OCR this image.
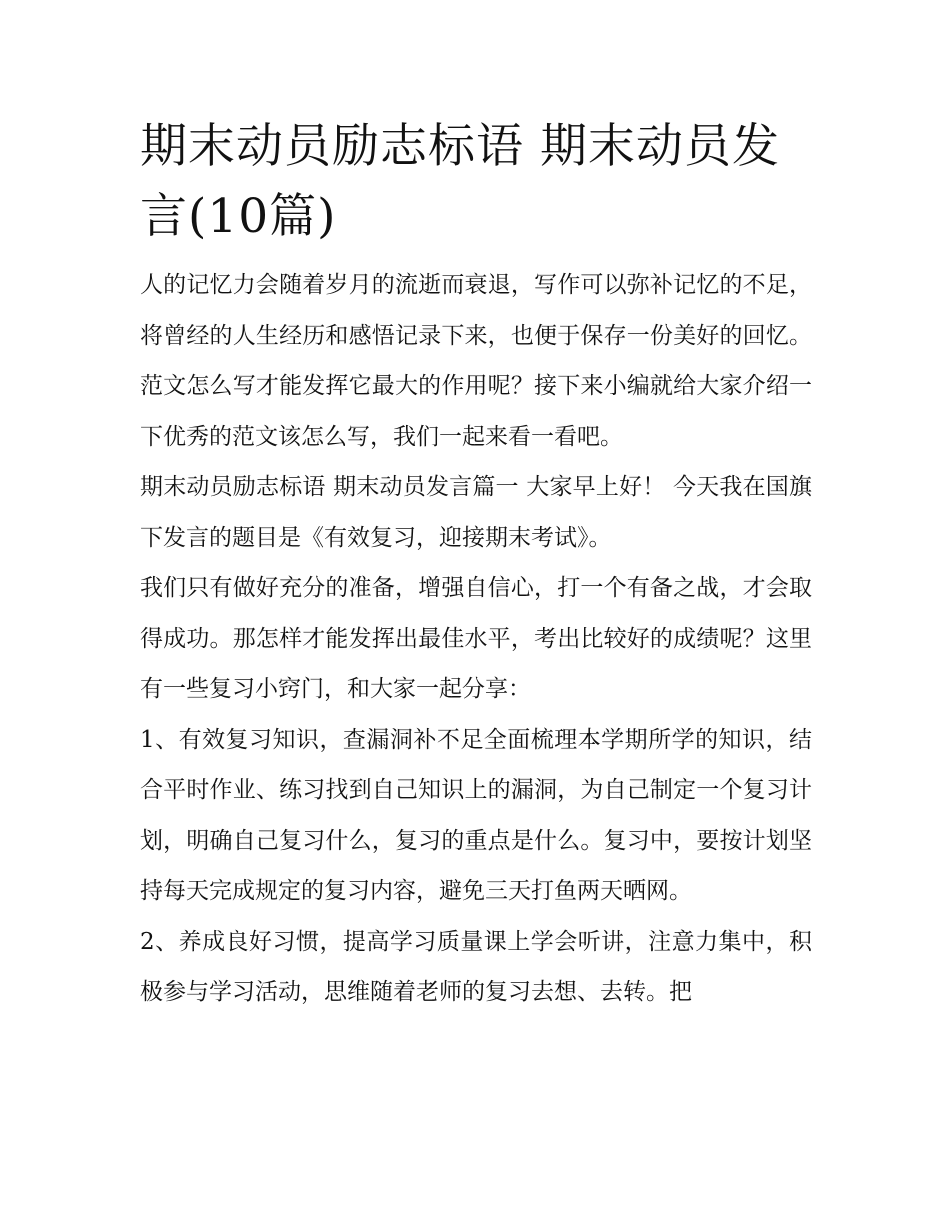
期末动员励志标语 期末动员发言(10篇)

人的记忆力会随着岁月的流逝而衰退，写作可以弥补记忆的不足，将曾经的人生经历和感悟记录下来，也便于保存一份美好的回忆。范文怎么写才能发挥它最大的作用呢？接下来小编就给大家介绍一下优秀的范文该怎么写，我们一起来看一看吧。

期末动员励志标语 期末动员发言篇一 大家早上好！ 今天我在国旗下发言的题目是《有效复习，迎接期末考试》。

我们只有做好充分的准备，增强自信心，打一个有备之战，才会取得成功。那怎样才能发挥出最佳水平，考出比较好的成绩呢？这里有一些复习小窍门，和大家一起分享：

1、有效复习知识，查漏洞补不足全面梳理本学期所学的知识，结合平时作业、练习找到自己知识上的漏洞，为自己制定一个复习计划，明确自己复习什么，复习的重点是什么。复习中，要按计划坚持每天完成规定的复习内容，避免三天打鱼两天晒网。

2、养成良好习惯，提高学习质量课上学会听讲，注意力集中，积极参与学习活动，思维随着老师的复习去想、去转。把
